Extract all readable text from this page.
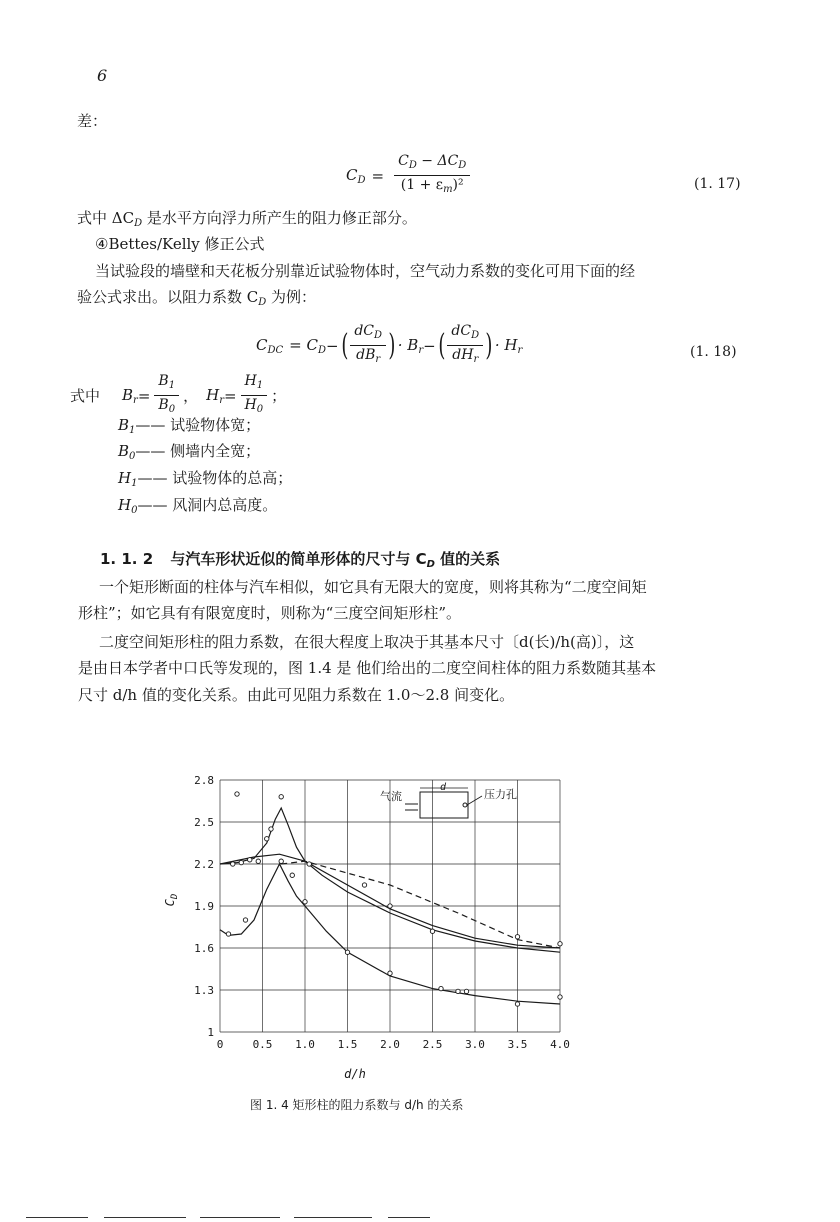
6
差：
$C_D = \frac{C_D - \Delta C_D}{(1 + \varepsilon_m)^2}$	(1. 17)
式中 $\Delta C_D$ 是水平方向浮力所产生的阻力修正部分。
④Bettes/Kelly 修正公式
当试验段的墙壁和天花板分别靠近试验物体时，空气动力系数的变化可用下面的经
验公式求出。以阻力系数 $C_D$ 为例：
$C_{DC} = C_D$ − ( $\frac{dC_D}{dB_r}$ ) · $B_r$ − ( $\frac{dC_D}{dH_r}$ ) · $H_r$	(1. 18)
式中 $B_r = \frac{B_1}{B_0}$ ， $H_r = \frac{H_1}{H_0}$ ；
$B_1——$ 试验物体宽；
$B_0——$ 侧墙内全宽；
$H_1——$ 试验物体的总高；
$H_0——$ 风洞内总高度。
1. 1. 2 与汽车形状近似的简单形体的尺寸与 $C_D$ 值的关系
一个矩形断面的柱体与汽车相似，如它具有无限大的宽度，则将其称为“二度空间矩
形柱”；如它具有有限宽度时，则称为“三度空间矩形柱”。
二度空间矩形柱的阻力系数，在很大程度上取决于其基本尺寸〔d(长)/h(高)〕，这
是由日本学者中口氏等发现的，图 1.4 是 他们给出的二度空间柱体的阻力系数随其基本
尺寸 d/h 值的变化关系。由此可见阻力系数在 1.0～2.8 间变化。
0	0.5 1.0 1.5 2.0 2.5 3.0 3.5 4.0
1
1.3
1.6
1.9
2.2
2.5
2.8
d/h
$C_D$
气流
d
压力孔
图 1. 4 矩形柱的阻力系数与 d/h 的关系
